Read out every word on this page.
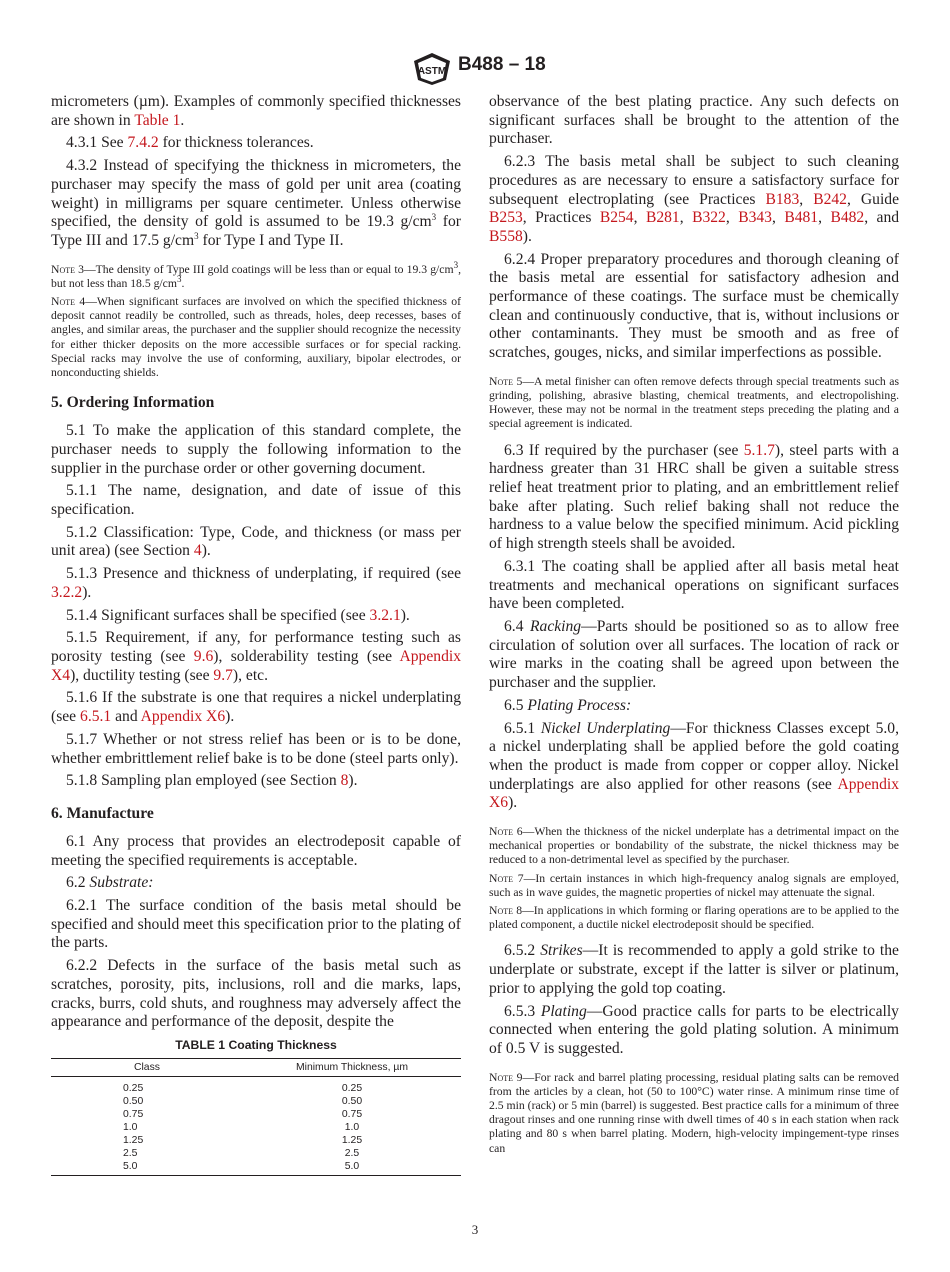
ASTM B488 – 18

micrometers (µm). Examples of commonly specified thicknesses are shown in Table 1.

4.3.1 See 7.4.2 for thickness tolerances.

4.3.2 Instead of specifying the thickness in micrometers, the purchaser may specify the mass of gold per unit area (coating weight) in milligrams per square centimeter. Unless otherwise specified, the density of gold is assumed to be 19.3 $g/cm^3$ for Type III and 17.5 $g/cm^3$ for Type I and Type II.

Note 3—The density of Type III gold coatings will be less than or equal to 19.3 $g/cm^3$, but not less than 18.5 $g/cm^3$.

Note 4—When significant surfaces are involved on which the specified thickness of deposit cannot readily be controlled, such as threads, holes, deep recesses, bases of angles, and similar areas, the purchaser and the supplier should recognize the necessity for either thicker deposits on the more accessible surfaces or for special racking. Special racks may involve the use of conforming, auxiliary, bipolar electrodes, or nonconducting shields.

5. Ordering Information

5.1 To make the application of this standard complete, the purchaser needs to supply the following information to the supplier in the purchase order or other governing document.

5.1.1 The name, designation, and date of issue of this specification.

5.1.2 Classification: Type, Code, and thickness (or mass per unit area) (see Section 4).

5.1.3 Presence and thickness of underplating, if required (see 3.2.2).

5.1.4 Significant surfaces shall be specified (see 3.2.1).

5.1.5 Requirement, if any, for performance testing such as porosity testing (see 9.6), solderability testing (see Appendix X4), ductility testing (see 9.7), etc.

5.1.6 If the substrate is one that requires a nickel underplating (see 6.5.1 and Appendix X6).

5.1.7 Whether or not stress relief has been or is to be done, whether embrittlement relief bake is to be done (steel parts only).

5.1.8 Sampling plan employed (see Section 8).

6. Manufacture

6.1 Any process that provides an electrodeposit capable of meeting the specified requirements is acceptable.

6.2 Substrate:

6.2.1 The surface condition of the basis metal should be specified and should meet this specification prior to the plating of the parts.

6.2.2 Defects in the surface of the basis metal such as scratches, porosity, pits, inclusions, roll and die marks, laps, cracks, burrs, cold shuts, and roughness may adversely affect the appearance and performance of the deposit, despite the

TABLE 1 Coating Thickness
Class	Minimum Thickness, µm
0.25	0.25
0.50	0.50
0.75	0.75
1.0	1.0
1.25	1.25
2.5	2.5
5.0	5.0

observance of the best plating practice. Any such defects on significant surfaces shall be brought to the attention of the purchaser.

6.2.3 The basis metal shall be subject to such cleaning procedures as are necessary to ensure a satisfactory surface for subsequent electroplating (see Practices B183, B242, Guide B253, Practices B254, B281, B322, B343, B481, B482, and B558).

6.2.4 Proper preparatory procedures and thorough cleaning of the basis metal are essential for satisfactory adhesion and performance of these coatings. The surface must be chemically clean and continuously conductive, that is, without inclusions or other contaminants. They must be smooth and as free of scratches, gouges, nicks, and similar imperfections as possible.

Note 5—A metal finisher can often remove defects through special treatments such as grinding, polishing, abrasive blasting, chemical treatments, and electropolishing. However, these may not be normal in the treatment steps preceding the plating and a special agreement is indicated.

6.3 If required by the purchaser (see 5.1.7), steel parts with a hardness greater than 31 HRC shall be given a suitable stress relief heat treatment prior to plating, and an embrittlement relief bake after plating. Such relief baking shall not reduce the hardness to a value below the specified minimum. Acid pickling of high strength steels shall be avoided.

6.3.1 The coating shall be applied after all basis metal heat treatments and mechanical operations on significant surfaces have been completed.

6.4 Racking—Parts should be positioned so as to allow free circulation of solution over all surfaces. The location of rack or wire marks in the coating shall be agreed upon between the purchaser and the supplier.

6.5 Plating Process:

6.5.1 Nickel Underplating—For thickness Classes except 5.0, a nickel underplating shall be applied before the gold coating when the product is made from copper or copper alloy. Nickel underplatings are also applied for other reasons (see Appendix X6).

Note 6—When the thickness of the nickel underplate has a detrimental impact on the mechanical properties or bondability of the substrate, the nickel thickness may be reduced to a non-detrimental level as specified by the purchaser.

Note 7—In certain instances in which high-frequency analog signals are employed, such as in wave guides, the magnetic properties of nickel may attenuate the signal.

Note 8—In applications in which forming or flaring operations are to be applied to the plated component, a ductile nickel electrodeposit should be specified.

6.5.2 Strikes—It is recommended to apply a gold strike to the underplate or substrate, except if the latter is silver or platinum, prior to applying the gold top coating.

6.5.3 Plating—Good practice calls for parts to be electrically connected when entering the gold plating solution. A minimum of 0.5 V is suggested.

Note 9—For rack and barrel plating processing, residual plating salts can be removed from the articles by a clean, hot (50 to 100°C) water rinse. A minimum rinse time of 2.5 min (rack) or 5 min (barrel) is suggested. Best practice calls for a minimum of three dragout rinses and one running rinse with dwell times of 40 s in each station when rack plating and 80 s when barrel plating. Modern, high-velocity impingement-type rinses can

3
